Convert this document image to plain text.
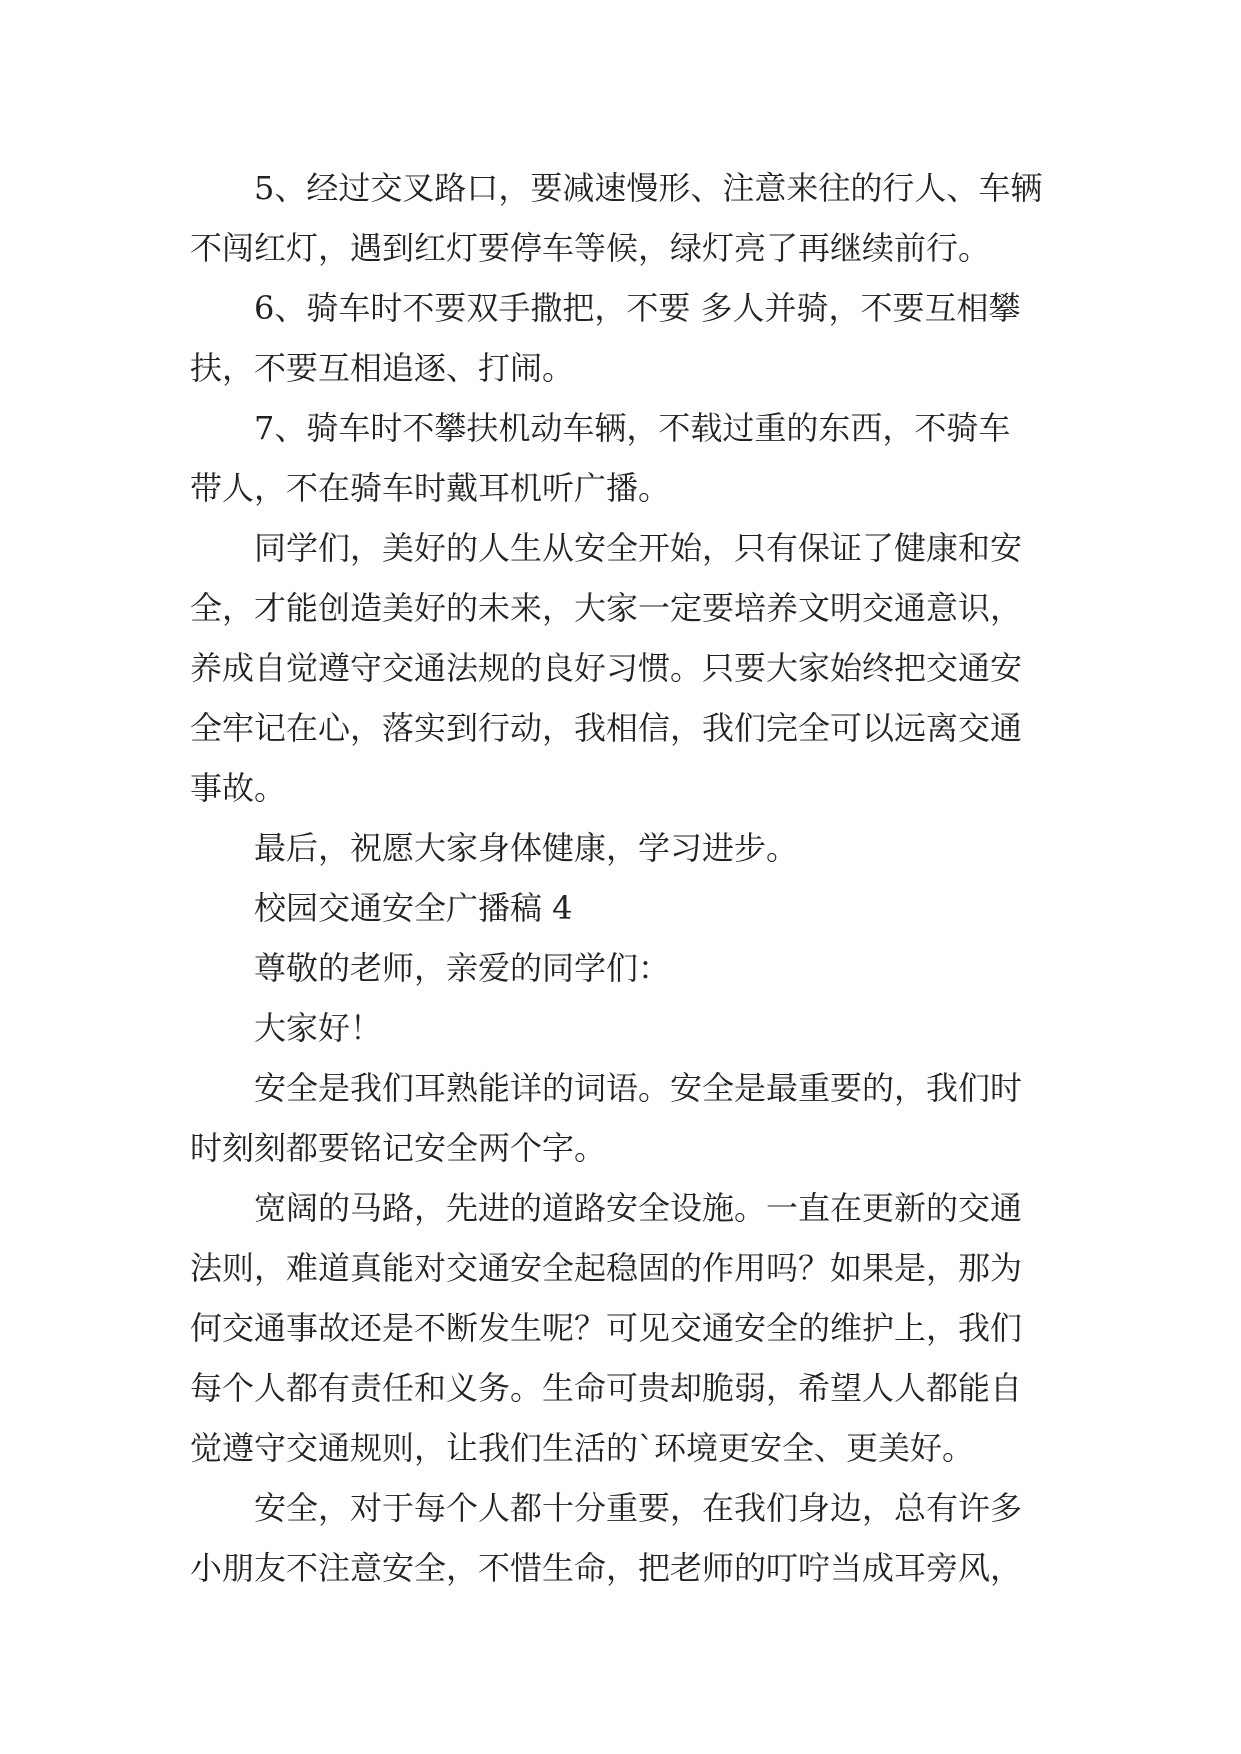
5、经过交叉路口，要减速慢形、注意来往的行人、车辆
不闯红灯，遇到红灯要停车等候，绿灯亮了再继续前行。
6、骑车时不要双手撒把，不要 多人并骑，不要互相攀
扶，不要互相追逐、打闹。
7、骑车时不攀扶机动车辆，不载过重的东西，不骑车
带人，不在骑车时戴耳机听广播。
同学们，美好的人生从安全开始，只有保证了健康和安
全，才能创造美好的未来，大家一定要培养文明交通意识，
养成自觉遵守交通法规的良好习惯。只要大家始终把交通安
全牢记在心，落实到行动，我相信，我们完全可以远离交通
事故。
最后，祝愿大家身体健康，学习进步。
校园交通安全广播稿 4
尊敬的老师，亲爱的同学们：
大家好！
安全是我们耳熟能详的词语。安全是最重要的，我们时
时刻刻都要铭记安全两个字。
宽阔的马路，先进的道路安全设施。一直在更新的交通
法则，难道真能对交通安全起稳固的作用吗？如果是，那为
何交通事故还是不断发生呢？可见交通安全的维护上，我们
每个人都有责任和义务。生命可贵却脆弱，希望人人都能自
觉遵守交通规则，让我们生活的`环境更安全、更美好。
安全，对于每个人都十分重要，在我们身边，总有许多
小朋友不注意安全，不惜生命，把老师的叮咛当成耳旁风，
